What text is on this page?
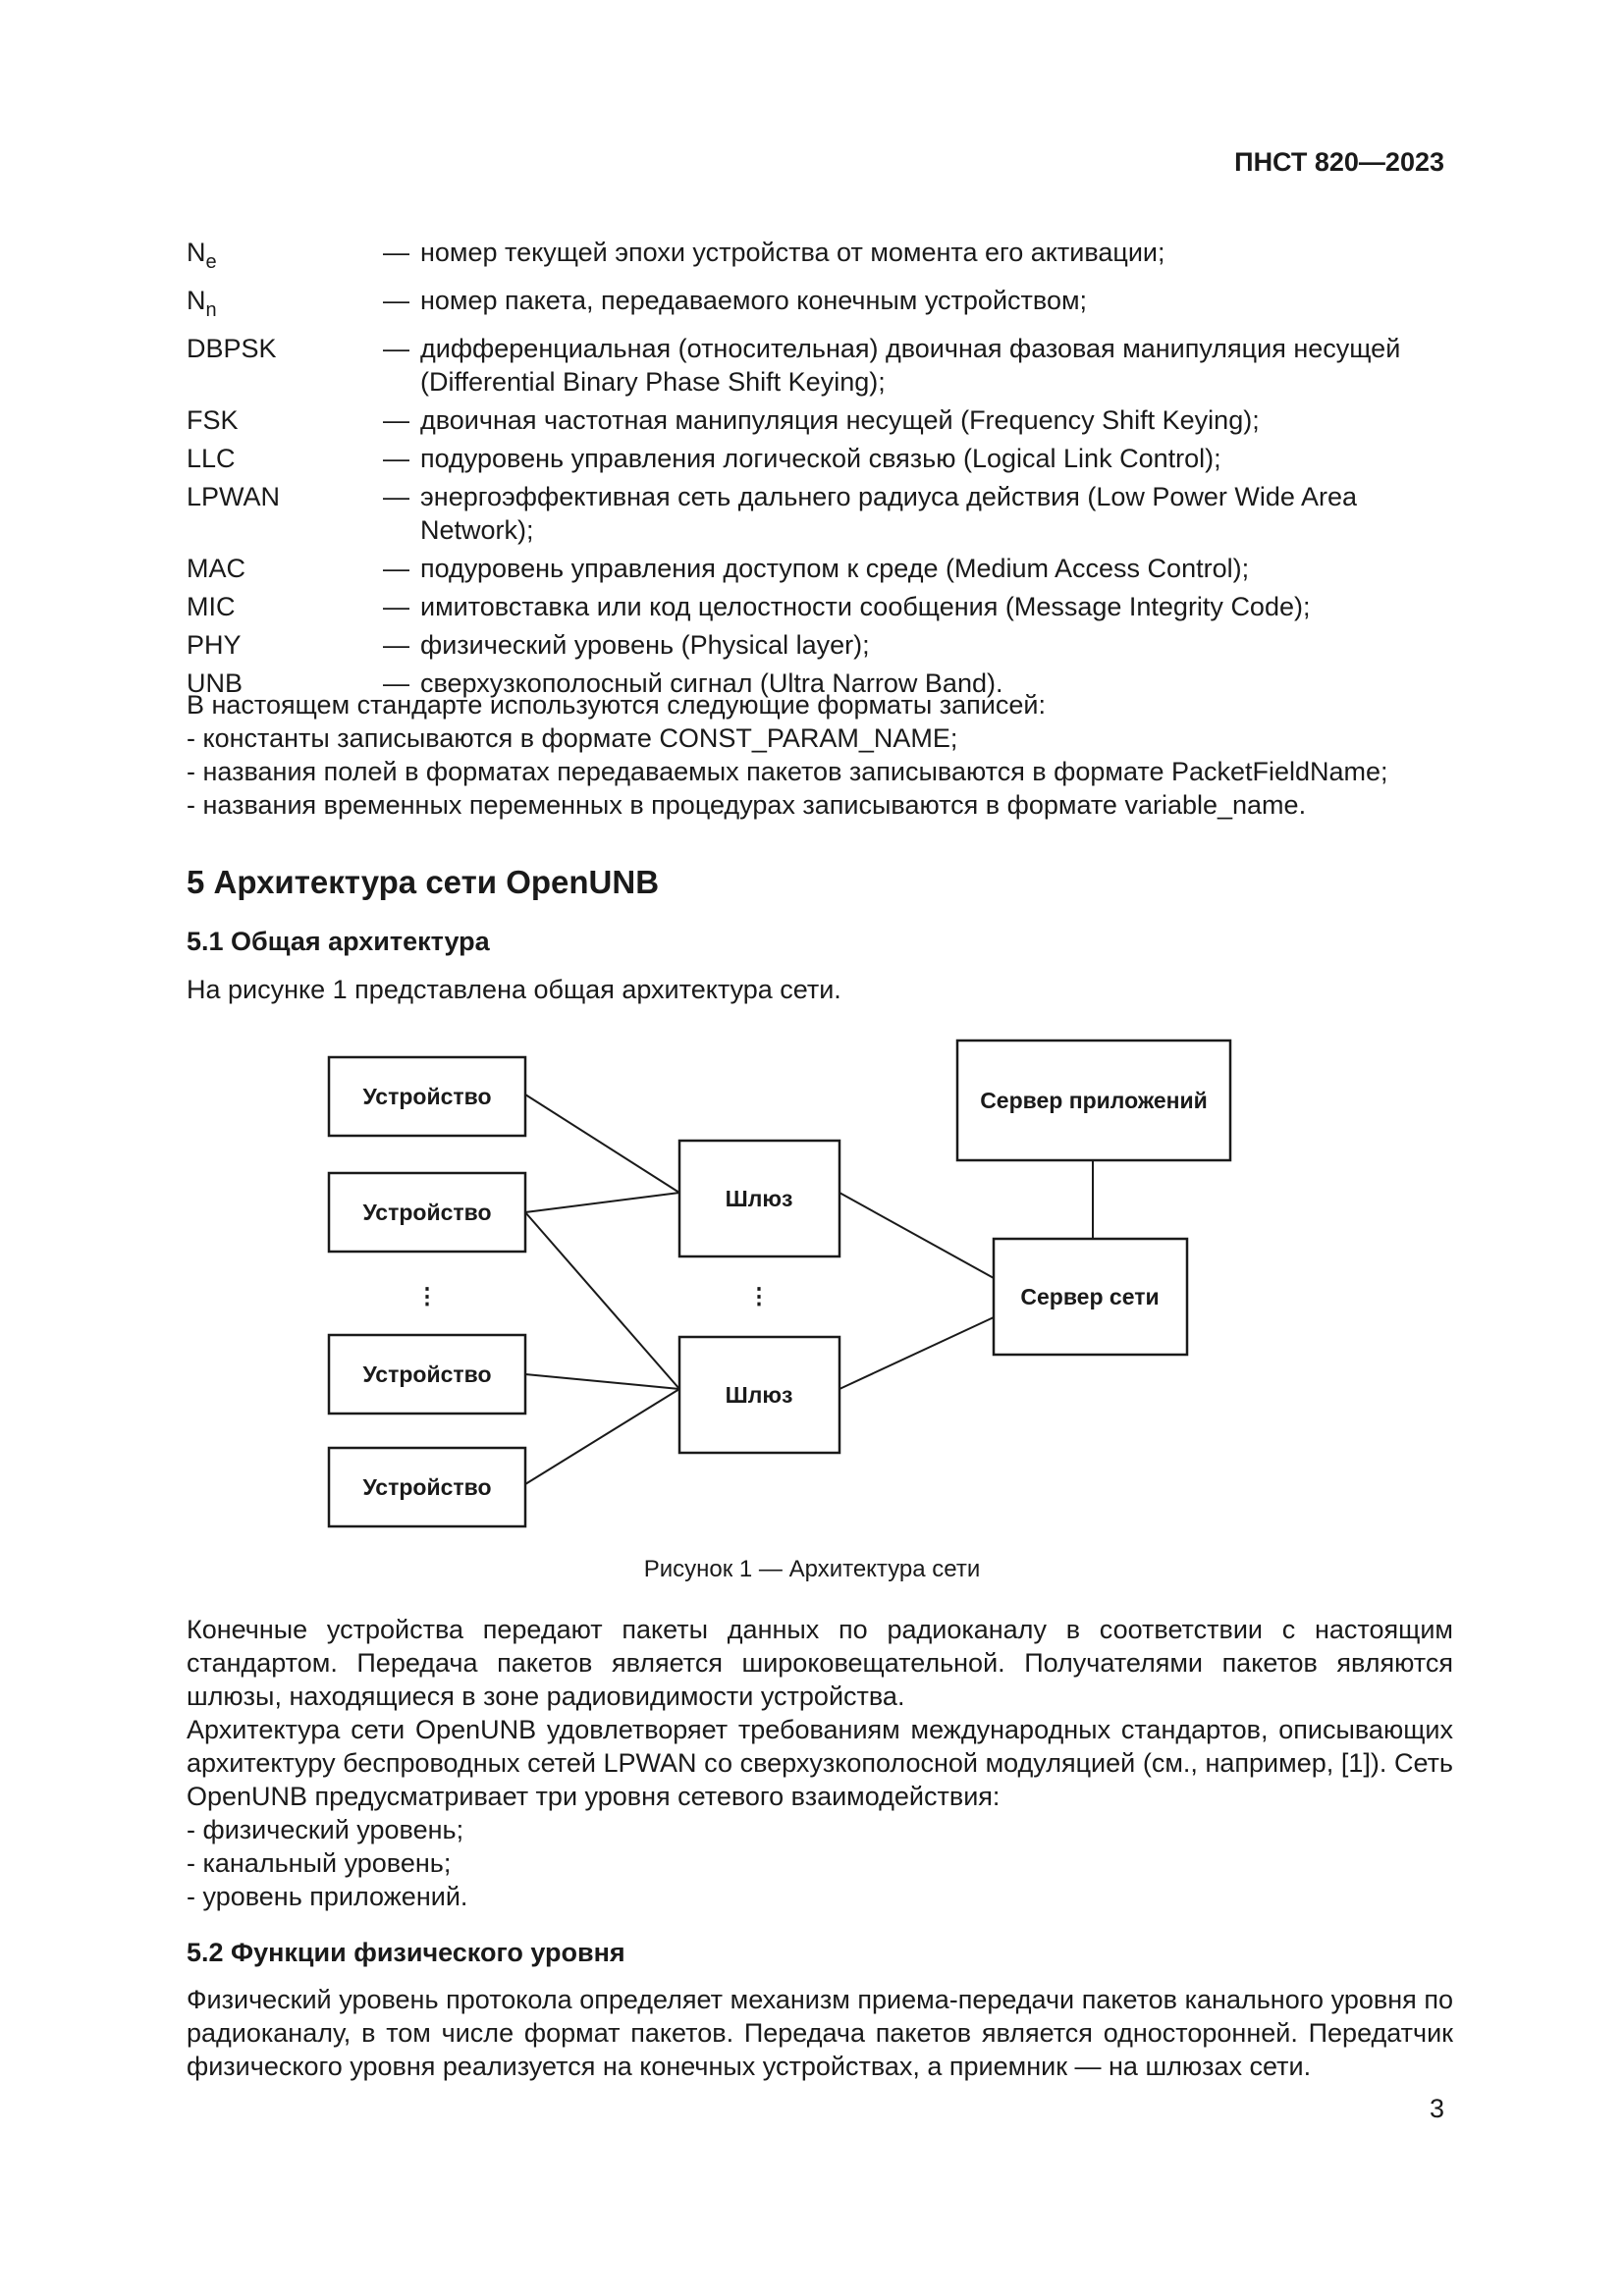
ПНСТ 820—2023
$N_e$	— номер текущей эпохи устройства от момента его активации;
$N_n$	— номер пакета, передаваемого конечным устройством;
DBPSK	— дифференциальная (относительная) двоичная фазовая манипуляция несущей (Differential Binary Phase Shift Keying);
FSK	— двоичная частотная манипуляция несущей (Frequency Shift Keying);
LLC	— подуровень управления логической связью (Logical Link Control);
LPWAN	— энергоэффективная сеть дальнего радиуса действия (Low Power Wide Area Network);
MAC	— подуровень управления доступом к среде (Medium Access Control);
MIC	— имитовставка или код целостности сообщения (Message Integrity Code);
PHY	— физический уровень (Physical layer);
UNB	— сверхузкополосный сигнал (Ultra Narrow Band).
В настоящем стандарте используются следующие форматы записей:
- константы записываются в формате CONST_PARAM_NAME;
- названия полей в форматах передаваемых пакетов записываются в формате PacketFieldName;
- названия временных переменных в процедурах записываются в формате variable_name.
5 Архитектура сети OpenUNB
5.1 Общая архитектура
На рисунке 1 представлена общая архитектура сети.
Устройство
Устройство
Устройство
Устройство
Шлюз
Шлюз
Сервер сети
Сервер приложений
⋮	⋮
Рисунок 1 — Архитектура сети
Конечные устройства передают пакеты данных по радиоканалу в соответствии с настоящим стандартом. Передача пакетов является широковещательной. Получателями пакетов являются шлюзы, находящиеся в зоне радиовидимости устройства.
Архитектура сети OpenUNB удовлетворяет требованиям международных стандартов, описывающих архитектуру беспроводных сетей LPWAN со сверхузкополосной модуляцией (см., например, [1]). Сеть OpenUNB предусматривает три уровня сетевого взаимодействия:
- физический уровень;
- канальный уровень;
- уровень приложений.
5.2 Функции физического уровня
Физический уровень протокола определяет механизм приема-передачи пакетов канального уровня по радиоканалу, в том числе формат пакетов. Передача пакетов является односторонней. Передатчик физического уровня реализуется на конечных устройствах, а приемник — на шлюзах сети.
3
